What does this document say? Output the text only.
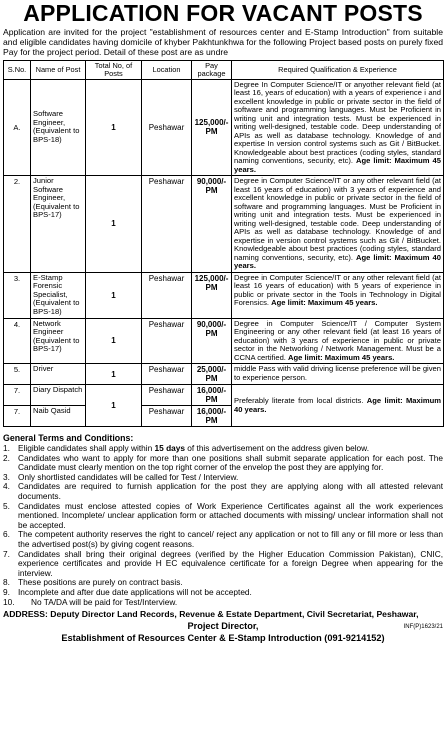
APPLICATION FOR VACANT POSTS

Application are invited for the project "establishment of resources center and E-Stamp Introduction" from suitable and eligible candidates having domicile of khyber Pakhtunkhwa for the following Project based posts on purely fixed Pay for the project period. Detail of these post are as undre

S.No.	Name of Post	Total No, of Posts	Location	Pay package	Required Qualification & Experience
A.	Software Engineer, (Equivalent to BPS-18)	1	Peshawar	125,000/- PM	Degree In Computer Science/IT or anyother relevant field (at least 16, years of education) with a years of experience i and excellent knowledge in public or private sector in the field of software and programming languages. Must be Proficient in writing unit and integration tests. Must be experienced in writing well-designed, testable code. Deep understanding of APIs as well as database technology. Knowledge of and expertise In version control systems such as Git / BitBucket. Knowledgeable about best practices (coding styles, standard naming conventions, security, etc). Age limit: Maximum 45 years.
2.	Junior Software Engineer, (Equivalent to BPS-17)	1	Peshawar	90,000/- PM	Degree in Computer Science/IT or any other relevant field (at least 16 years of education) with 3 years of experience and excellent knowledge in public or private sector in the field of software and programming languages. Must be Proficient in writing unit and integration tests. Must be experienced in writing well-designed, testable code. Deep understanding of APIs as well as database technology. Knowledge of and expertise in version control systems such as Git / BitBucket. Knowledgeable about best practices (coding styles, standard naming conventions, security, etc). Age limit: Maximum 40 years.
3.	E-Stamp Forensic Specialist, (Equivalent to BPS-18)	1	Peshawar	125,000/- PM	Degree in Computer Science/IT or any other relevant field (at least 16 years of education) with 5 years of experience in public or private sector in the Tools in Technology in Digital Forensics. Age limit: Maximum 45 years.
4.	Network Engineer (Equivalent to BPS-17)	1	Peshawar	90,000/- PM	Degree in Computer Science/IT / Computer System Engineering or any other relevant field (at least 16 years of education) with 3 years of experience in public or private sector in the Networking / Network Management. Must be a CCNA certified. Age limit: Maximum 45 years.
5.	Driver	1	Peshawar	25,000/- PM	middle Pass with valid driving license preference will be given to experience person.
7.	Diary Dispatch	1	Peshawar	16,000/- PM	Preferably literate from local districts. Age limit: Maximum 40 years.
7.	Naib Qasid		Peshawar	16,000/- PM	
General Terms and Conditions:
1. Eligible candidates shall apply within 15 days of this advertisement on the address given below.
2. Candidates who want to apply for more than one positions shall submit separate application for each post. The Candidate must clearly mention on the top right corner of the envelop the post they are applying for.
3. Only shortlisted candidates will be called for Test / Interview.
4. Candidates are required to furnish application for the post they are applying along with all attested relevant documents.
5. Candidates must enclose attested copies of Work Experience Certificates against all the work experiences mentioned. Incomplete/ unclear application form or attached documents with missing/ unclear information shall not be accepted.
6. The competent authority reserves the right to cancel/ reject any application or not to fill any or fill more or less than the advertised post(s) by giving cogent reasons.
7. Candidates shall bring their original degrees (verified by the Higher Education Commission Pakistan), CNIC, experience certificates and provide H EC equivalence certificate for a foreign Degree when appearing for the interview.
8. These positions are purely on contract basis.
9. Incomplete and after due date applications will not be accepted.
10. No TA/DA will be paid for Test/Interview.
ADDRESS: Deputy Director Land Records, Revenue & Estate Department, Civil Secretariat, Peshawar,
Project Director,	INF(P)1623/21
Establishment of Resources Center & E-Stamp Introduction (091-9214152)
